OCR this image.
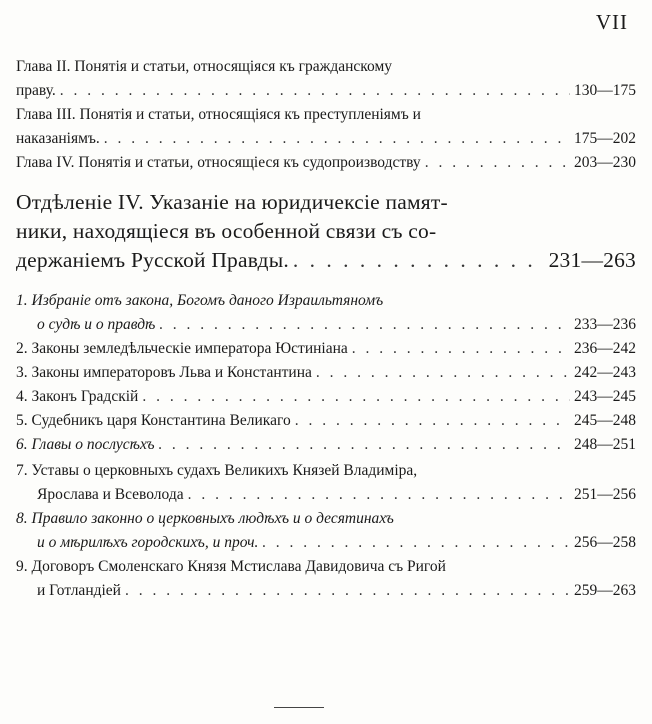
VII
Глава II. Понятія и статьи, относящіяся къ гражданскому
праву. . . .	130—175
Глава III. Понятія и статьи, относящіяся къ преступленіямъ и
наказаніямъ. . . .	175—202
Глава IV. Понятія и статьи, относящіеся къ судопроизводству . . .	203—230
Отдѣленіе IV. Указаніе на юридичексіе памят-
ники, находящіеся въ особенной связи съ со-
держаніемъ Русской Правды. . . .	231—263
1. Избраніе отъ закона, Богомъ даного Израильтяномъ
о судѣ и о правдѣ . . .	233—236
2. Законы земледѣльческіе императора Юстиніана . . .	236—242
3. Законы императоровъ Льва и Константина . . .	242—243
4. Законъ Градскій . . .	243—245
5. Судебникъ царя Константина Великаго . . .	245—248
6. Главы о послусѣхъ . . .	248—251
7. Уставы о церковныхъ судахъ Великихъ Князей Владиміра,
Ярослава и Всеволода . . .	251—256
8. Правило законно о церковныхъ людѣхъ и о десятинахъ
и о мѣрилѣхъ городскихъ, и проч. . . .	256—258
9. Договоръ Смоленскаго Князя Мстислава Давидовича съ Ригой
и Готландіей . . .	259—263
